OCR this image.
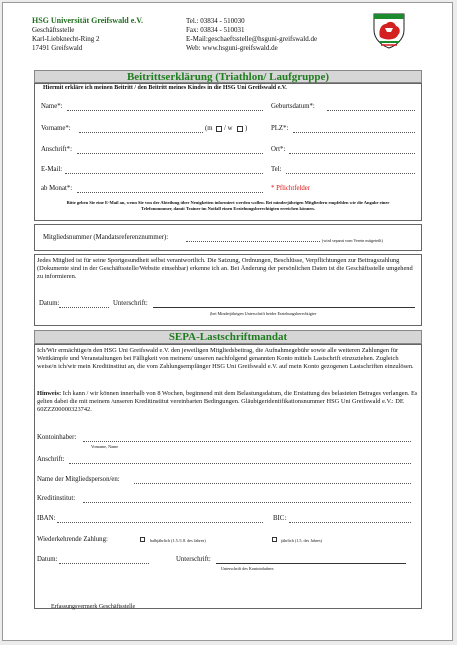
HSG Universität Greifswald e.V.
Geschäftsstelle
Karl-Liebknecht-Ring 2
17491 Greifswald
Tel.: 03834 - 510030
Fax: 03834 - 510031
E-Mail:geschaeftsstelle@hsguni-greifswald.de
Web: www.hsguni-greifswald.de
Beitrittserklärung (Triathlon/ Laufgruppe)
Hiermit erkläre ich meinen Beitritt / den Beitritt meines Kindes in die HSG Uni Greifswald e.V.
Name*:	Geburtsdatum*:
Vorname*:	(m / w )	PLZ*:
Anschrift*:	Ort*:
E-Mail:	Tel:
ab Monat*:	* Pflichtfelder
Bitte geben Sie eine E-Mail an, wenn Sie von der Abteilung über Neuigkeiten informiert werden wollen. Bei minderjährigen Mitgliedern empfehlen wir die Angabe einer Telefonnummer, damit Trainer im Notfall einen Erziehungsberechtigten erreichen können.
Mitgliedsnummer (Mandatsreferenznummer):	(wird separat vom Verein mitgeteilt)
Jedes Mitglied ist für seine Sportgesundheit selbst verantwortlich. Die Satzung, Ordnungen, Beschlüsse, Verpflichtungen zur Beitragszahlung (Dokumente sind in der Geschäftsstelle/Website einsehbar) erkenne ich an. Bei Änderung der persönlichen Daten ist die Geschäftsstelle umgehend zu informieren.
Datum:	Unterschrift:
(bei Minderjährigen Unterschrift beider Erziehungsberechtigter
SEPA-Lastschriftmandat
Ich/Wir ermächtige/n den HSG Uni Greifswald e.V. den jeweiligen Mitgliedsbeitrag, die Aufnahmegebühr sowie alle weiteren Zahlungen für Wettkämpfe und Veranstaltungen bei Fälligkeit von meinem/ unseren nachfolgend genannten Konto mittels Lastschrift einzuziehen. Zugleich weise/n ich/wir mein Kreditinstitut an, die vom Zahlungsempfänger HSG Uni Greifswald e.V. auf mein Konto gezogenen Lastschriften einzulösen.
Hinweis: Ich kann / wir können innerhalb von 8 Wochen, beginnend mit dem Belastungsdatum, die Erstattung des belasteten Betrages verlangen. Es gelten dabei die mit meinem /unseren Kreditinstitut vereinbarten Bedingungen. Gläubigeridentifikationsnummer HSG Uni Greifswald e.V.: DE 60ZZZ00000323742.
Kontoinhaber:
Vorname, Name
Anschrift:
Name der Mitgliedsperson/en:
Kreditinstitut:
IBAN:	BIC:
Wiederkehrende Zahlung:	halbjährlich (1.5./1.8. des Jahres)	jährlich (1.5. des Jahres)
Datum:	Unterschrift:
Unterschrift des Kontoinhabers
Erfassungsvermerk Geschäftsstelle
